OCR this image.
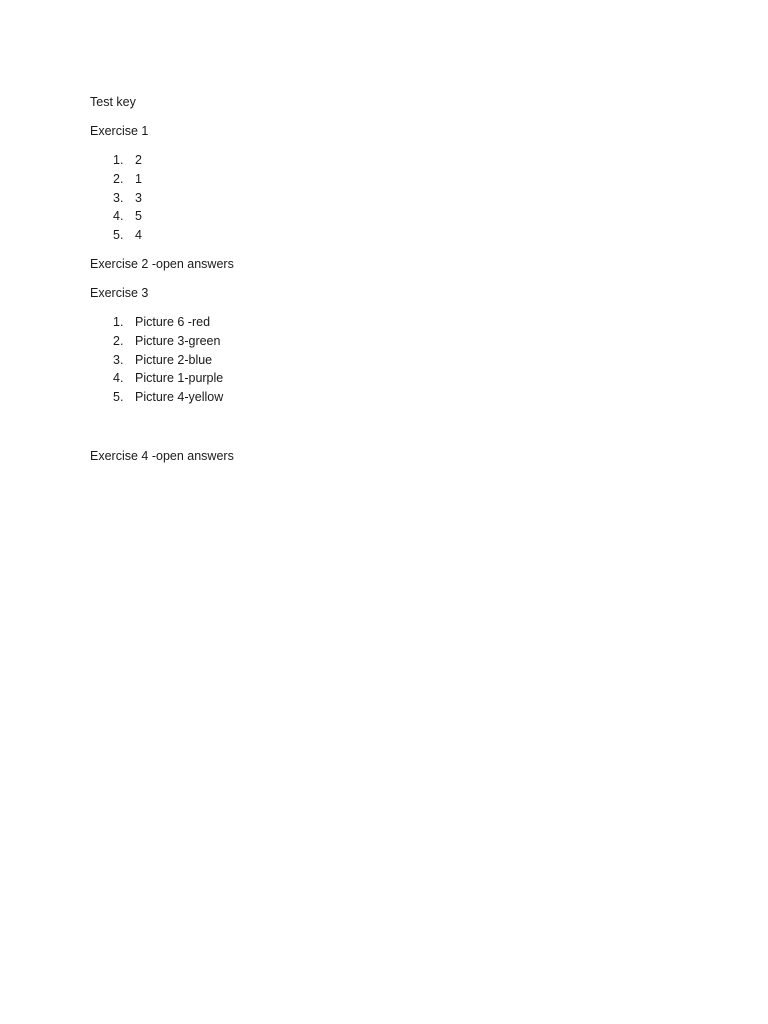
Test key

Exercise 1

1. 2
2. 1
3. 3
4. 5
5. 4

Exercise 2 -open answers

Exercise 3

1. Picture 6 -red
2. Picture 3-green
3. Picture 2-blue
4. Picture 1-purple
5. Picture 4-yellow

Exercise 4 -open answers
